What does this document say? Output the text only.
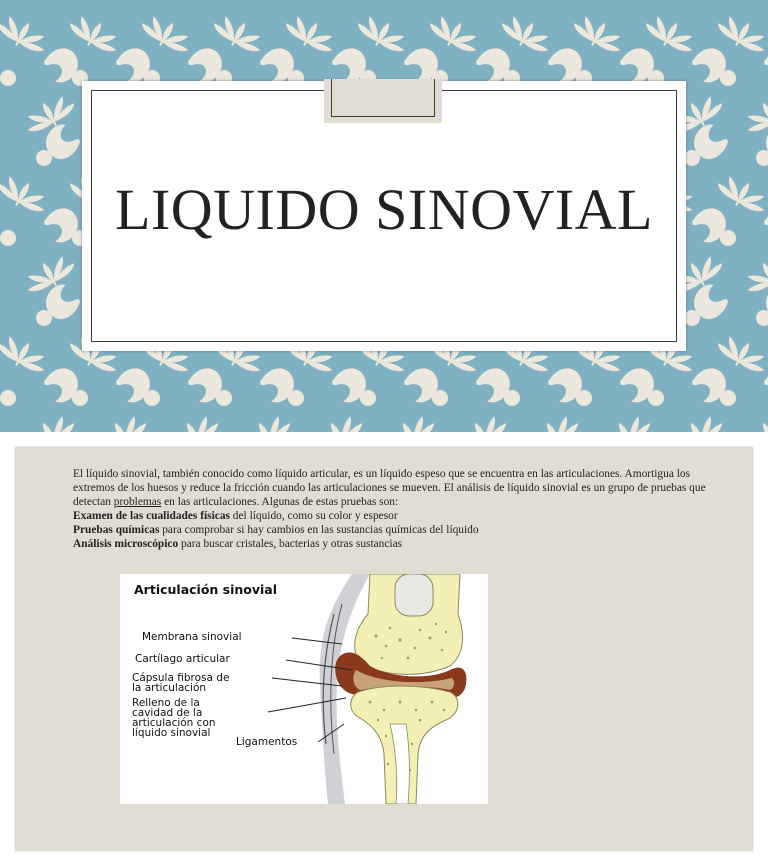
LIQUIDO SINOVIAL

El líquido sinovial, también conocido como líquido articular, es un líquido espeso que se encuentra en las articulaciones. Amortigua los extremos de los huesos y reduce la fricción cuando las articulaciones se mueven. El análisis de líquido sinovial es un grupo de pruebas que detectan problemas en las articulaciones. Algunas de estas pruebas son:

Examen de las cualidades físicas del líquido, como su color y espesor

Pruebas químicas para comprobar si hay cambios en las sustancias químicas del líquido

Análisis microscópico para buscar cristales, bacterias y otras sustancias

Articulación sinovial
Membrana sinovial
Cartílago articular
Cápsula fibrosa de
la articulación
Relleno de la
cavidad de la
articulación con
líquido sinovial
Ligamentos
